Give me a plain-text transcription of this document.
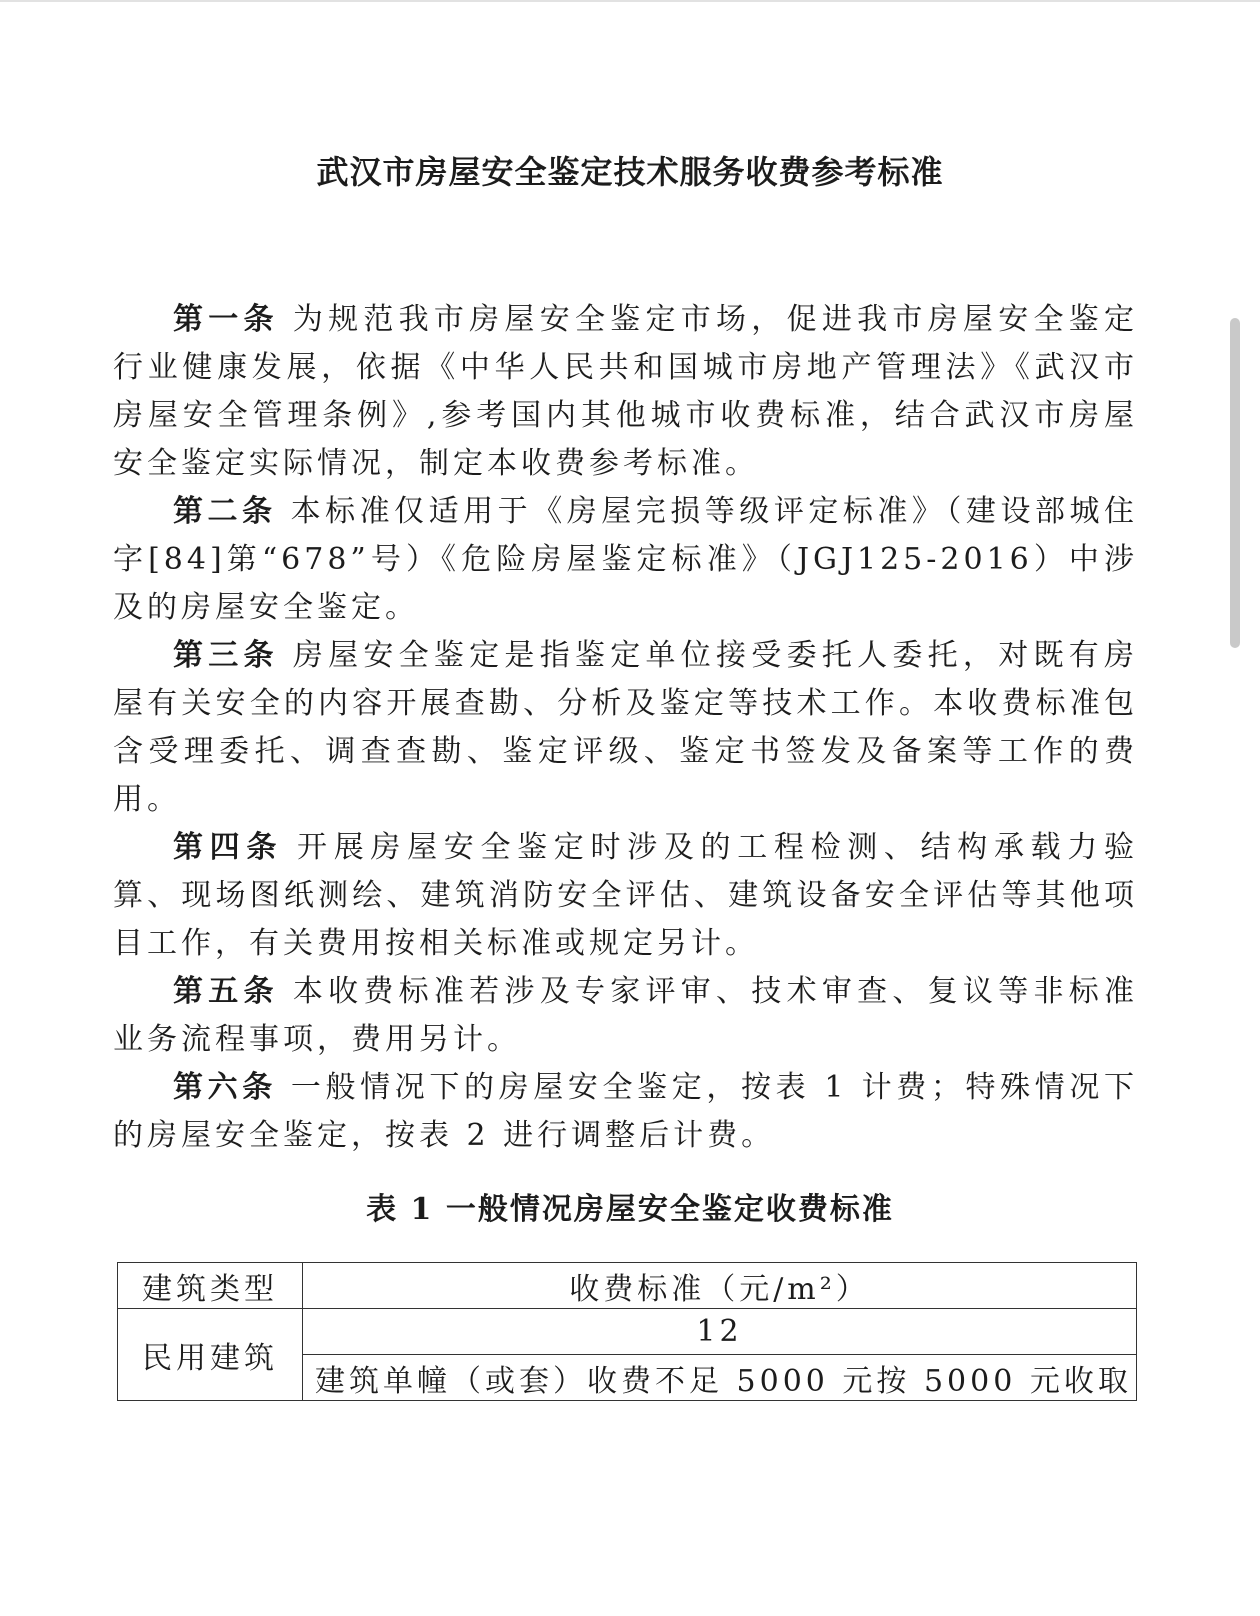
武汉市房屋安全鉴定技术服务收费参考标准

第一条 为规范我市房屋安全鉴定市场，促进我市房屋安全鉴定行业健康发展，依据《中华人民共和国城市房地产管理法》《武汉市房屋安全管理条例》,参考国内其他城市收费标准，结合武汉市房屋安全鉴定实际情况，制定本收费参考标准。

第二条 本标准仅适用于《房屋完损等级评定标准》（建设部城住字[84]第“678”号）《危险房屋鉴定标准》（JGJ125-2016）中涉及的房屋安全鉴定。

第三条 房屋安全鉴定是指鉴定单位接受委托人委托，对既有房屋有关安全的内容开展查勘、分析及鉴定等技术工作。本收费标准包含受理委托、调查查勘、鉴定评级、鉴定书签发及备案等工作的费用。

第四条 开展房屋安全鉴定时涉及的工程检测、结构承载力验算、现场图纸测绘、建筑消防安全评估、建筑设备安全评估等其他项目工作，有关费用按相关标准或规定另计。

第五条 本收费标准若涉及专家评审、技术审查、复议等非标准业务流程事项，费用另计。

第六条 一般情况下的房屋安全鉴定，按表 1 计费；特殊情况下的房屋安全鉴定，按表 2 进行调整后计费。

表 1 一般情况房屋安全鉴定收费标准
建筑类型	收费标准（元/m²）
民用建筑	12
	建筑单幢（或套）收费不足 5000 元按 5000 元收取
